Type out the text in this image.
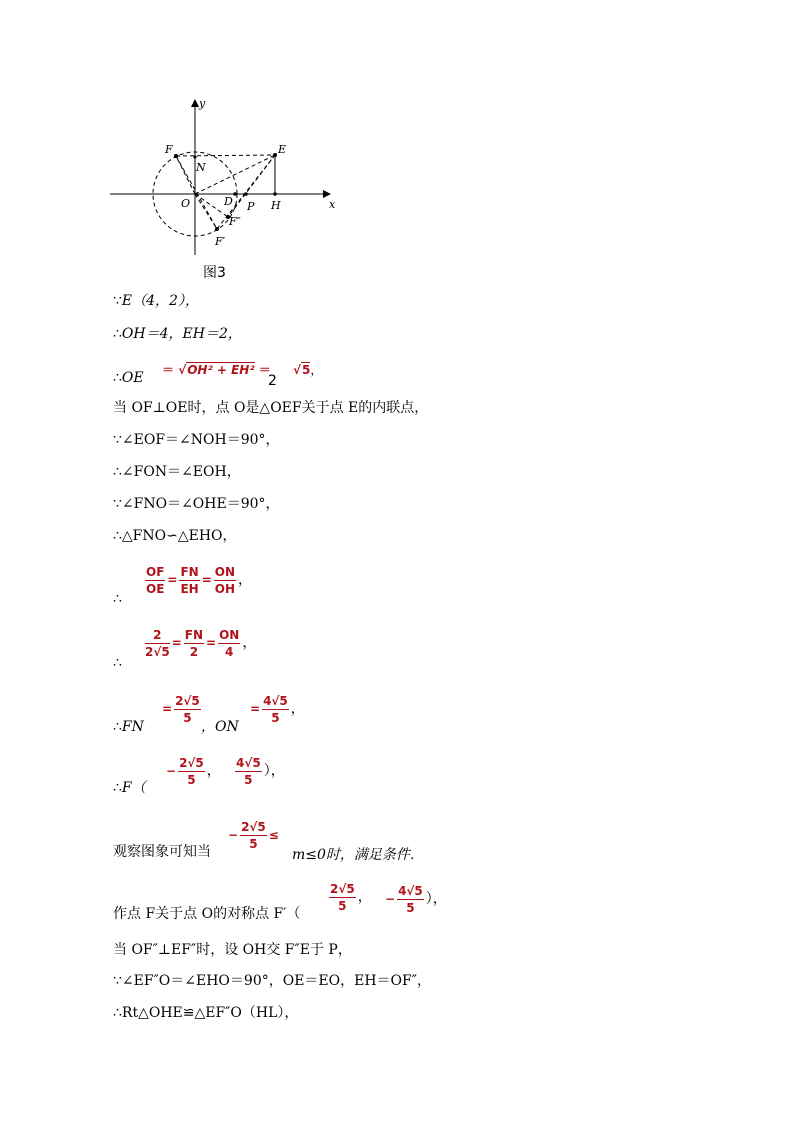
y
x
F	E
N
O	D P H
F″
F′
图3
∵E（4，2），
∴OH＝4，EH＝2，
∴OE ＝ √OH² + EH² ＝
2
√5，
当 OF⊥OE时，点 O是△OEF关于点 E的内联点，
∵∠EOF＝∠NOH＝90°，
∴∠FON＝∠EOH，
∵∠FNO＝∠OHE＝90°，
∴△FNO∽△EHO，
∴
$\frac{OF}{OE} = \frac{FN}{EH} = \frac{ON}{OH}$ ，
∴
$\frac{2}{2√5} = \frac{FN}{2} = \frac{ON}{4}$ ，
∴FN
= $\frac{2√5}{5}$
，ON
= $\frac{4√5}{5}$ ，
∴F（
− $\frac{2√5}{5}$ ， $\frac{4√5}{5}$ ），
观察图象可知当
− $\frac{2√5}{5}$ ≤
m≤0时，满足条件．
作点 F关于点 O的对称点 F′（
$\frac{2√5}{5}$ ， − $\frac{4√5}{5}$ ），
当 OF″⊥EF″时，设 OH交 F″E于 P，
∵∠EF″O＝∠EHO＝90°，OE＝EO，EH＝OF″，
∴Rt△OHE≌△EF″O（HL），
